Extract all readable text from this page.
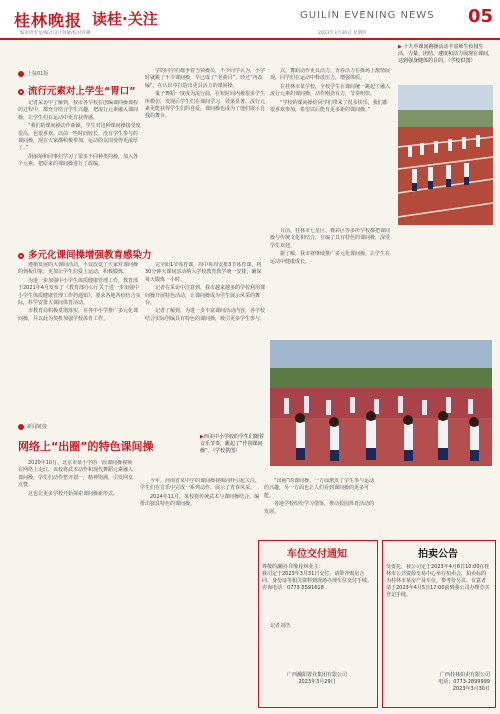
桂林晚报 读桂·关注	GUILIN EVENING NEWS 05
编审周金龙/编式设计蒋敏/校对蒋骥	2023年3月30日 星期四
上接01版
流行元素对上学生“胃口”

记者采访中了解到，我市各学校在创编课间操课程的过程中，都充分结合学生兴趣，把流行元素融入课间操，让学生们在运动中更有获得感。

“我们的课间操动作新颖，学生对这种课间操接受度很高，也很喜欢。以前一些时间较长，没有学生参与的课间操，现在大家都积极参加，运动的氛围变得更浓厚了。”

胡丽菊和同事们学习了很多不同种类的操，加入各个元素，把原来的课间操进行了改编。

学的同学们都争着当领操员，不少同学认为，小学时就跳了不少课间操，早已成了“老曲目”。经过“再改编”，在认识中打造出更具活力的课间操。

鬼子舞蹈一度成为流行曲，在短时间内被很多学生所模仿，发现后学生们在课间学习，效果显著。流行元素更能获得学生们的喜爱，课间操也成为了他们展示自我的舞台。

式，舞蹈动作更具活力，青春活力在操场上激情展现。同学们在运动中释放压力，增强体质。

在桂林市某学校，全校学生在课间统一跳起了融入流行元素的课间操，动作刚劲有力，节奏明快。

“学校的课间操给同学们带来了很多快乐，我们都很喜欢参加，希望以后能有更多新的课间操。”

▶ 十九中课间跑操活动丰富师生校园生活，力量、团结、速度和活力展现在课间，达到强身健体的目的。（学校供图）
多元化课间操增强教育感染力

遵循发展的大课间活动，不仅改变了大家对课间操的刻板印象，更加让学生们爱上运动，积极锻炼。

为进一步加强中小学生体质健康管理工作，教育部于2021年4月发布了《教育部办公厅关于进一步加强中小学生体质健康管理工作的通知》，要求各地各校结合实际，科学安排大课间体育活动。

市教育局积极贯彻落实，在各中小学推广多元化课间操，并以此为契机加强学校体育工作。

完全阳1节体育课，周中每周安排3节体育课，将30分钟大课间活动纳入学校教育教学统一安排，确保每天锻炼一小时。

记者在采访中注意到，我市越来越多的学校利用课间操开展特色活动，让课间操成为学生展示风采的舞台。

记者了解到，为进一步丰富课间活动内容，各学校结合实际创编具有特色的课间操，吸引更多学生参与。

目前，桂林市七星区、叠彩区等多所学校都把课间操与传统文化相结合，自编了具有特色的课间操，深受学生欢迎。

据了解，我市将继续推广多元化课间操，让学生在运动中健康成长。

▶西美中小学校的学生们随着音乐节奏，跳起了“作别课间操”。（学校供图）
新闻链接
网络上“出圈”的特色课间操

2020年10月，北京市某小学的一段课间操视频在网络上走红。该校将武术动作和现代舞蹈元素融入课间操，学生们动作整齐划一，精神饱满，引发网友点赞。

这也让更多学校开始探索课间操新形式。

今年，河南省某中学的课间操视频同样引起关注，学生们在音乐中完成一系列动作，展示了青春风采。

2024年11月，某校将传统武术与课间操结合，编排出独具特色的课间操。

“出圈”的课间操，一方面激发了学生参与运动的兴趣，另一方面也让人们看到课间操的更多可能。

各地学校纷纷学习借鉴，推动校园体育活动的发展。

记者刘浩
车位交付通知
尊敬的澜园·印象桂林业主：
我司定于2023年3月31日交付，请带齐购房合同、身份证等相关资料到现场办理车位交付手续。咨询电话：0773-5591618
广西瀚阳置业集团有限公司
2023年3月29日
拍卖公告
受委托，我公司定于2023年4月6日10:00在桂林市公共资源交易中心举行拍卖会，拍卖标的为桂林市某房产及车位，参考价另议。有意者请于2023年4月5日17:00前到我公司办理竞买登记手续。
广西桂林拍卖有限公司
电话：0773-2899999
2023年3月30日
